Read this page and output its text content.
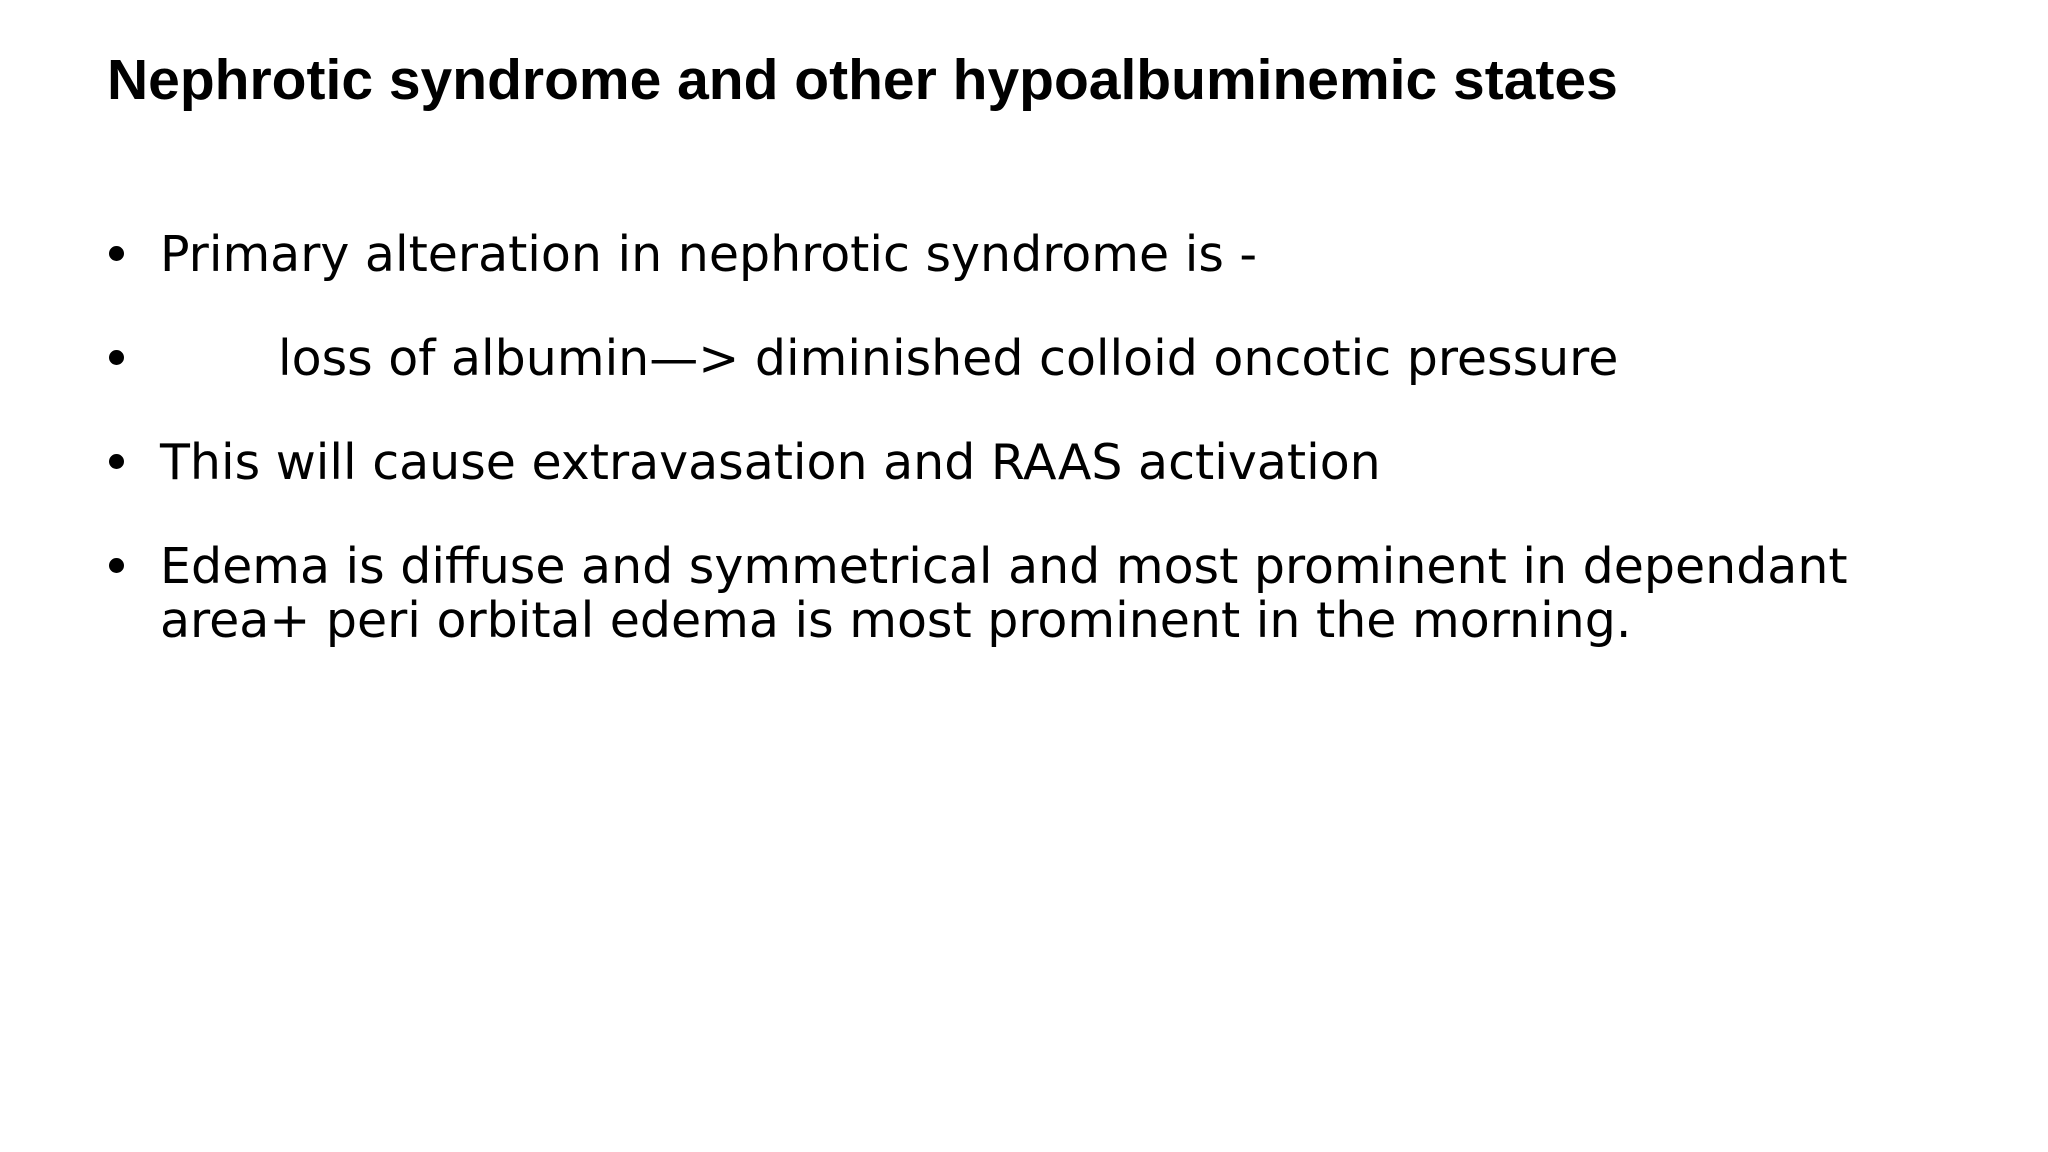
Nephrotic syndrome and other hypoalbuminemic states
Primary alteration in nephrotic syndrome is -
loss of albumin—> diminished colloid oncotic pressure
This will cause extravasation and RAAS activation
Edema is diffuse and symmetrical and most prominent in dependant area+ peri orbital edema is most prominent in the morning.
